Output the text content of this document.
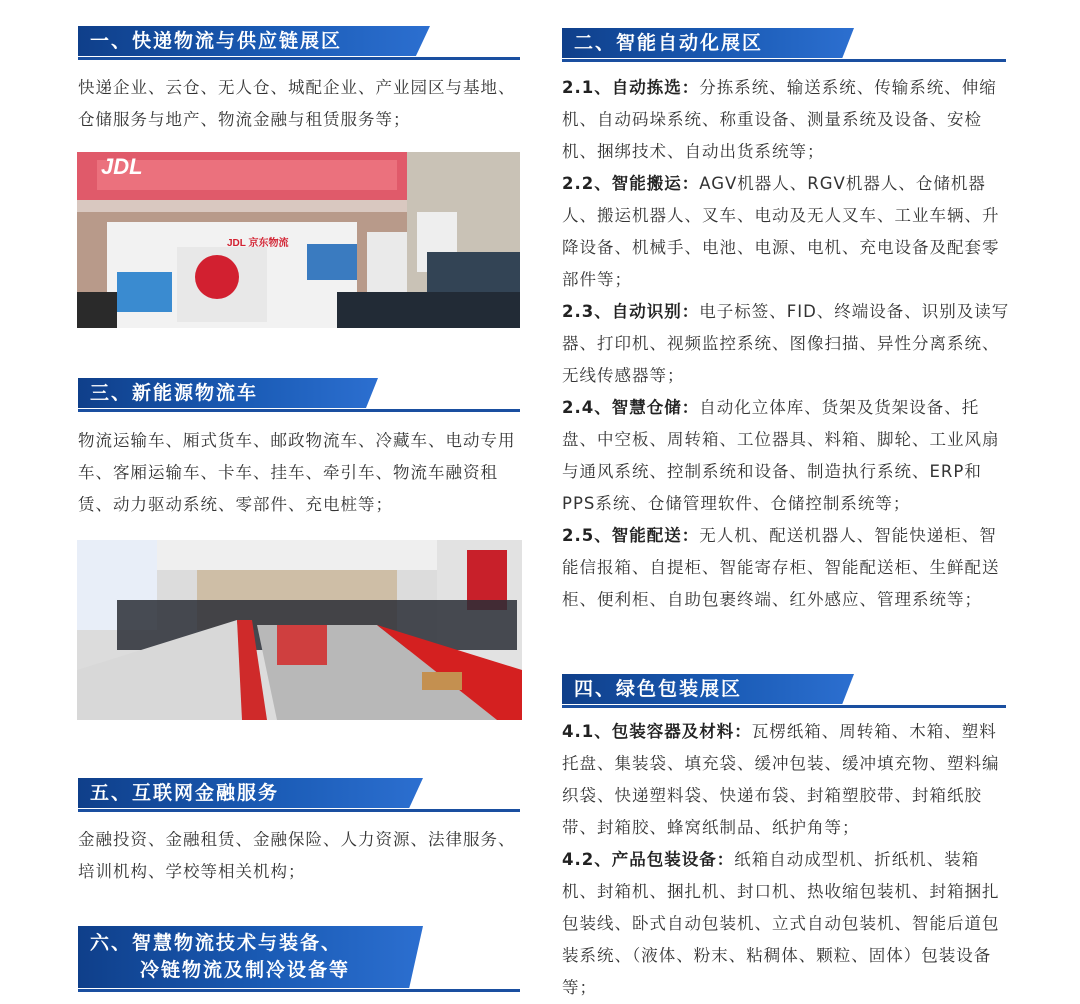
一、快递物流与供应链展区
快递企业、云仓、无人仓、城配企业、产业园区与基地、仓储服务与地产、物流金融与租赁服务等；
JDL
JDL 京东物流
三、新能源物流车
物流运输车、厢式货车、邮政物流车、冷藏车、电动专用车、客厢运输车、卡车、挂车、牵引车、物流车融资租赁、动力驱动系统、零部件、充电桩等；
五、互联网金融服务
金融投资、金融租赁、金融保险、人力资源、法律服务、培训机构、学校等相关机构；
六、智慧物流技术与装备、
冷链物流及制冷设备等
二、智能自动化展区

2.1、自动拣选：分拣系统、输送系统、传输系统、伸缩机、自动码垛系统、称重设备、测量系统及设备、安检机、捆绑技术、自动出货系统等；

2.2、智能搬运：AGV机器人、RGV机器人、仓储机器人、搬运机器人、叉车、电动及无人叉车、工业车辆、升降设备、机械手、电池、电源、电机、充电设备及配套零部件等；

2.3、自动识别：电子标签、FID、终端设备、识别及读写器、打印机、视频监控系统、图像扫描、异性分离系统、无线传感器等；

2.4、智慧仓储：自动化立体库、货架及货架设备、托盘、中空板、周转箱、工位器具、料箱、脚轮、工业风扇与通风系统、控制系统和设备、制造执行系统、ERP和PPS系统、仓储管理软件、仓储控制系统等；

2.5、智能配送：无人机、配送机器人、智能快递柜、智能信报箱、自提柜、智能寄存柜、智能配送柜、生鲜配送柜、便利柜、自助包裹终端、红外感应、管理系统等；

四、绿色包装展区

4.1、包装容器及材料：瓦楞纸箱、周转箱、木箱、塑料托盘、集装袋、填充袋、缓冲包装、缓冲填充物、塑料编织袋、快递塑料袋、快递布袋、封箱塑胶带、封箱纸胶带、封箱胶、蜂窝纸制品、纸护角等；

4.2、产品包装设备：纸箱自动成型机、折纸机、装箱机、封箱机、捆扎机、封口机、热收缩包装机、封箱捆扎包装线、卧式自动包装机、立式自动包装机、智能后道包装系统、（液体、粉末、粘稠体、颗粒、固体）包装设备等；
